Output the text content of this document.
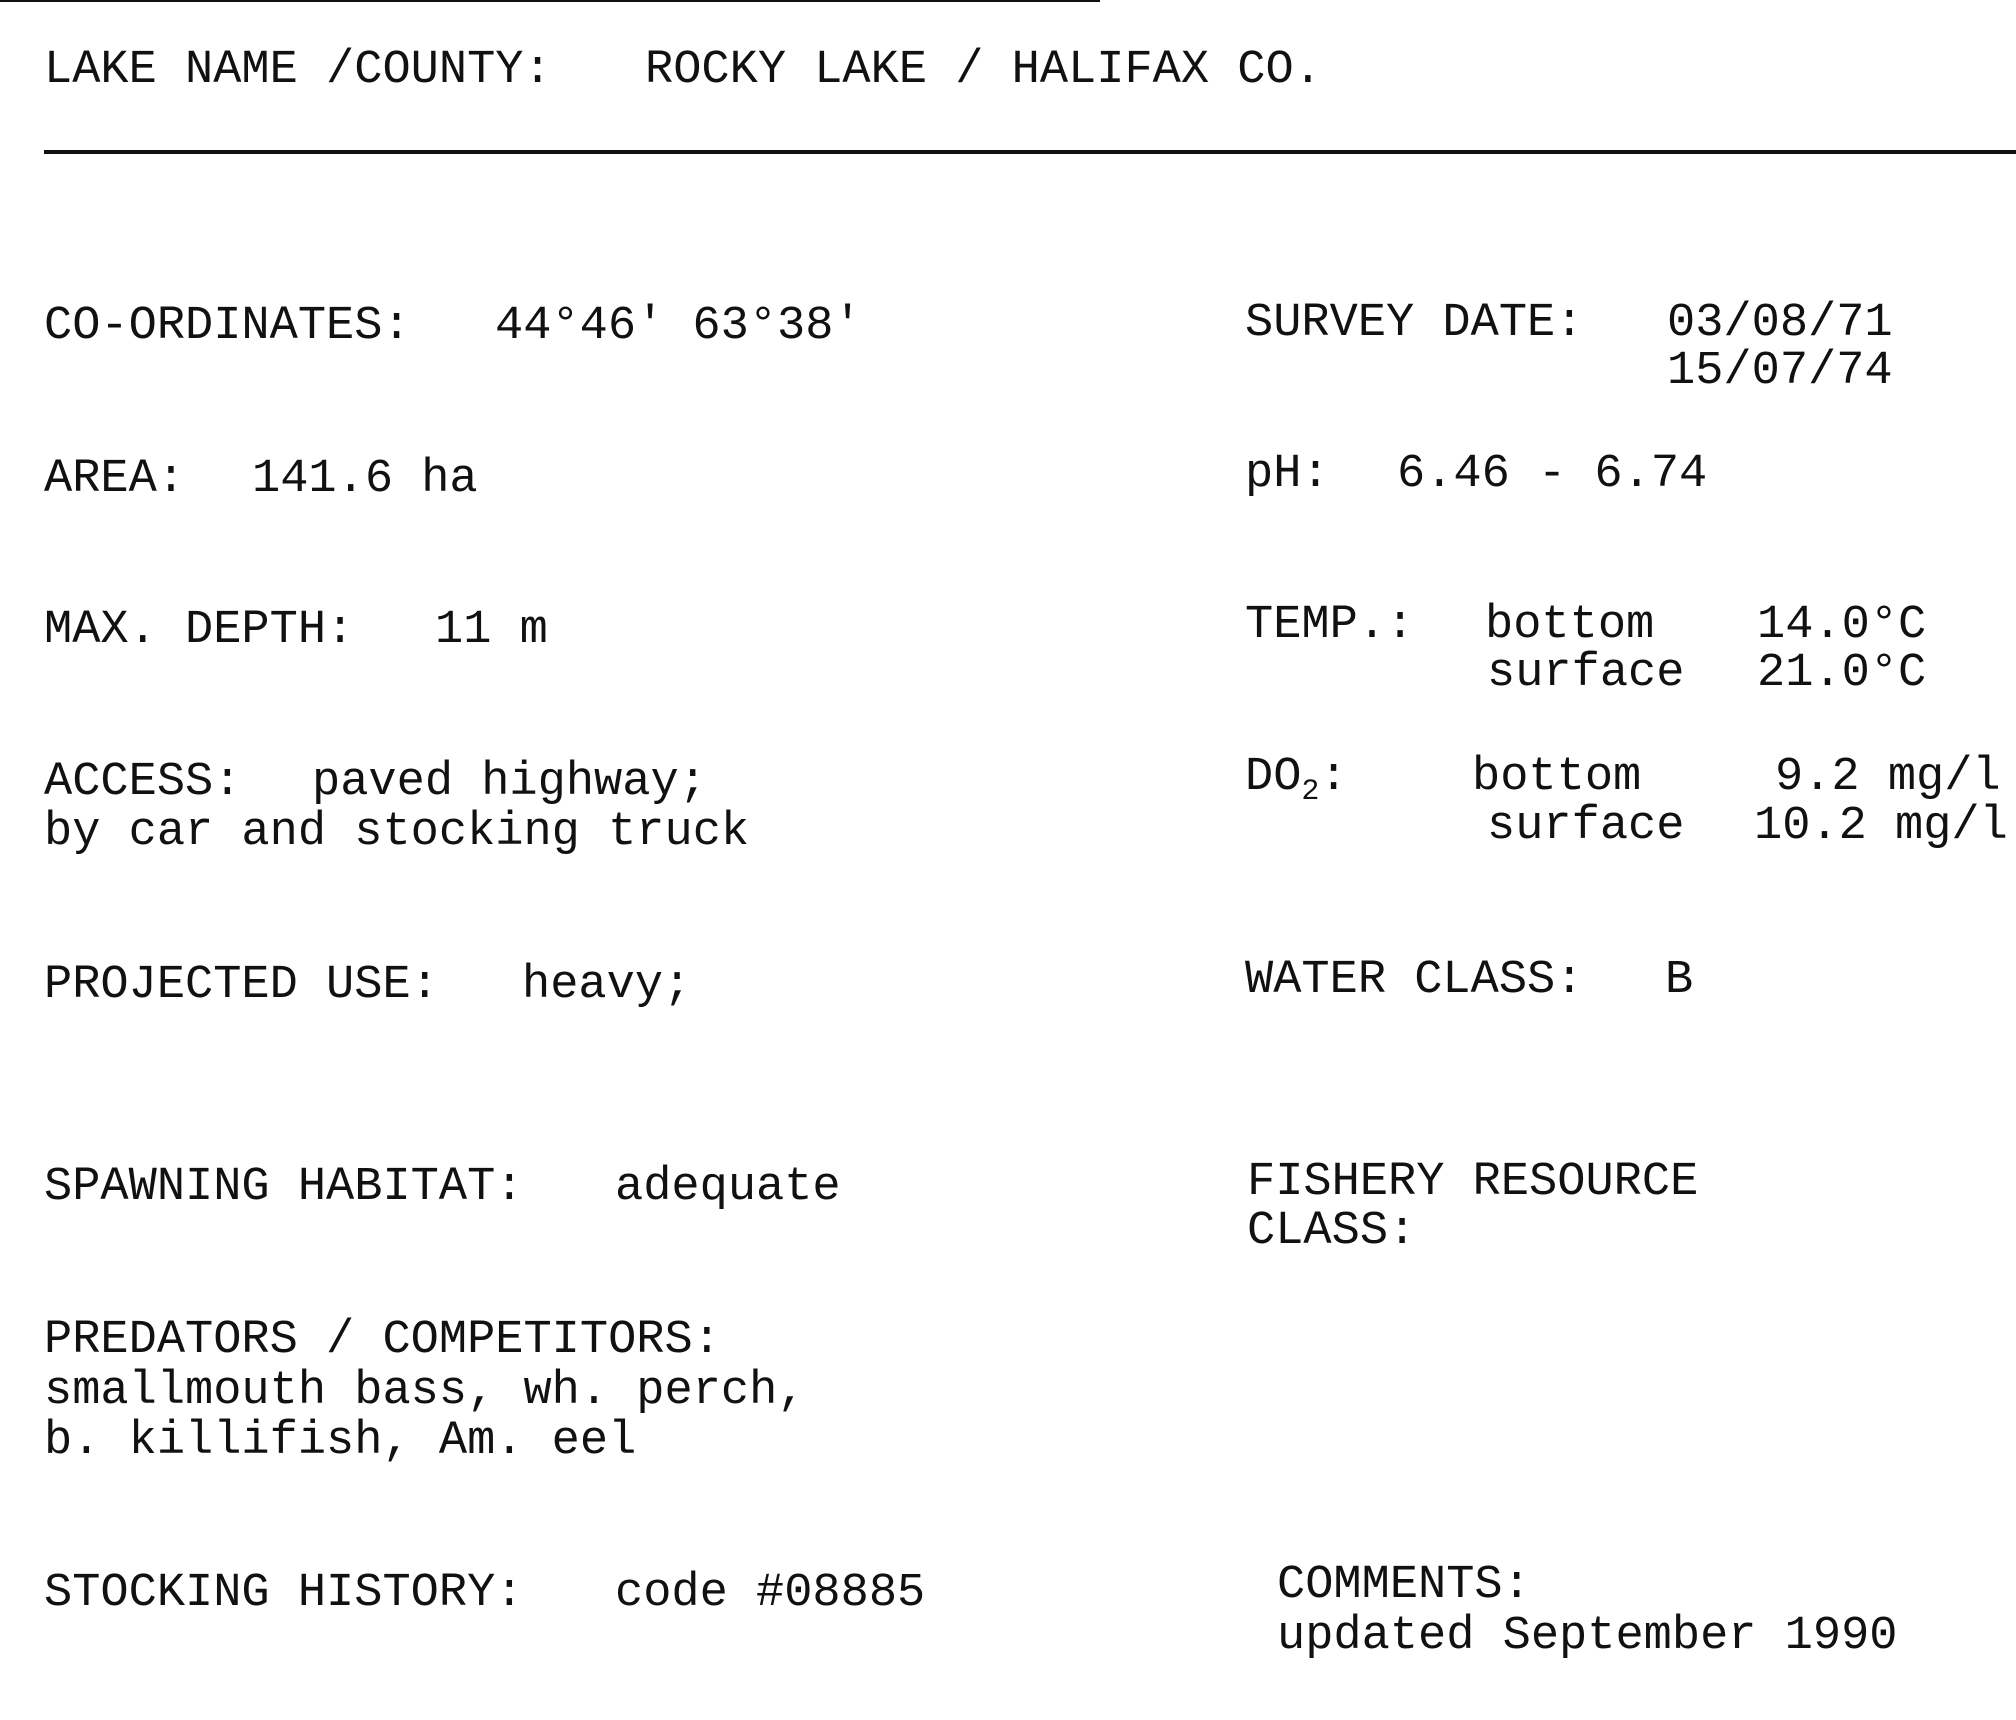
LAKE NAME /COUNTY: ROCKY LAKE / HALIFAX CO.
CO-ORDINATES: 44°46' 63°38'
AREA: 141.6 ha
MAX. DEPTH: 11 m
ACCESS: paved highway;
by car and stocking truck
PROJECTED USE: heavy;
SPAWNING HABITAT: adequate
PREDATORS / COMPETITORS:
smallmouth bass, wh. perch,
b. killifish, Am. eel
STOCKING HISTORY: code #08885
SURVEY DATE: 03/08/71
15/07/74
pH: 6.46 - 6.74
TEMP.: bottom 14.0°C
surface 21.0°C
$DO_2$:	bottom	9.2 mg/l
surface 10.2 mg/l
WATER CLASS: B
FISHERY RESOURCE
CLASS:
COMMENTS:
updated September 1990
